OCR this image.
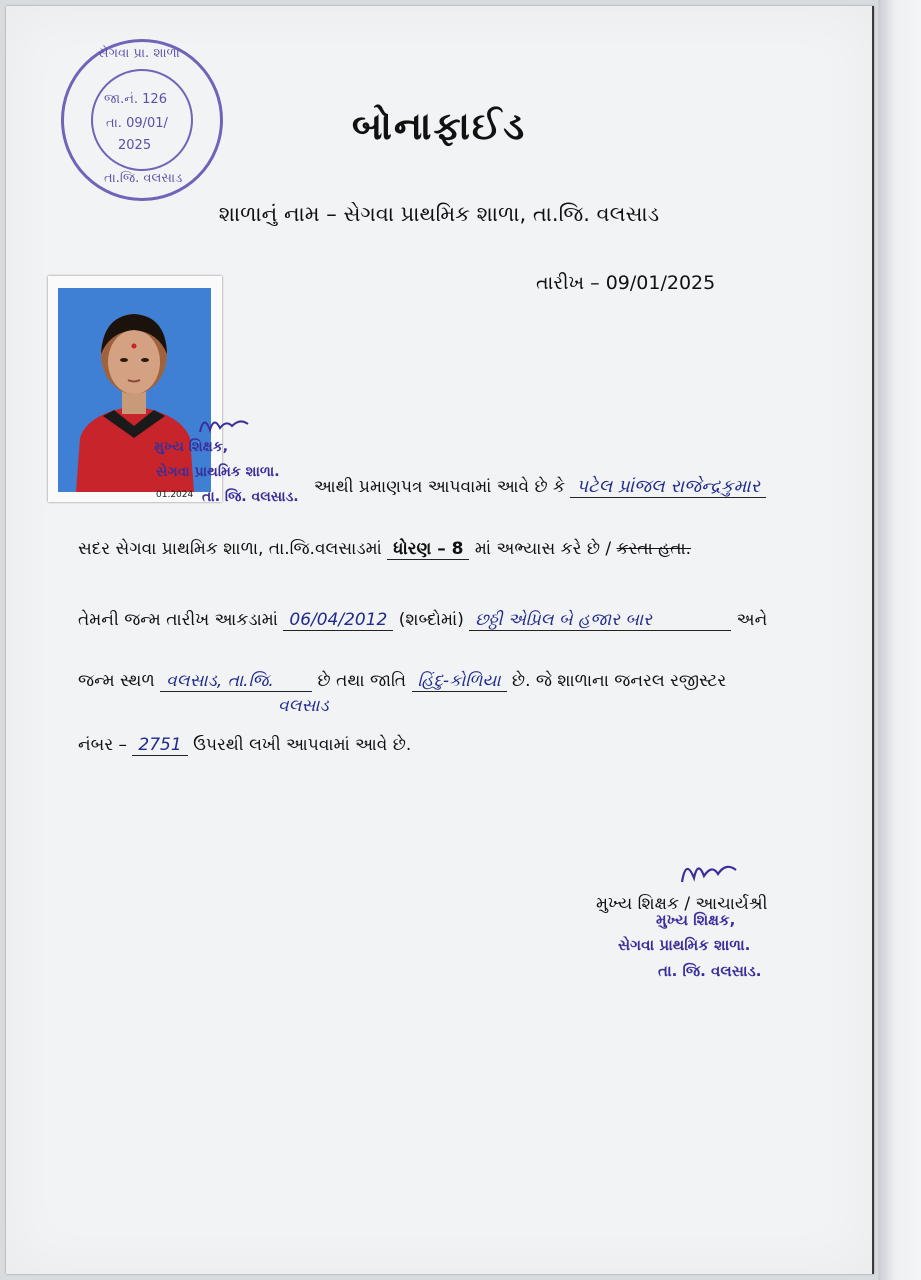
સેગવા પ્રા. શાળા
જા.નં. 126
તા. 09/01/
2025
તા.જિ. વલસાડ
બોનાફાઈડ
શાળાનું નામ – સેગવા પ્રાથમિક શાળા, તા.જિ. વલસાડ
તારીખ – 09/01/2025
મુખ્ય શિક્ષક,
સેગવા પ્રાથમિક શાળા.
તા. જિ. વલસાડ.
01.2024	આથી પ્રમાણપત્ર આપવામાં આવે છે કે પટેલ પ્રાંજલ રાજેન્દ્રકુમાર
સદર સેગવા પ્રાથમિક શાળા, તા.જિ.વલસાડમાં ધોરણ – 8 માં અભ્યાસ કરે છે / કરતા હતા.
તેમની જન્મ તારીખ આકડામાં 06/04/2012 (શબ્દોમાં) છઠ્ઠી એપ્રિલ બે હજાર બાર	અને
જન્મ સ્થળ વલસાડ, તા.જિ.	છે તથા જાતિ હિંદુ-કોળિયા છે. જે શાળાના જનરલ રજીસ્ટર
વલસાડ
નંબર – 2751 ઉપરથી લખી આપવામાં આવે છે.
મુખ્ય શિક્ષક / આચાર્યશ્રી
મુખ્ય શિક્ષક,
સેગવા પ્રાથમિક શાળા.
તા. જિ. વલસાડ.
